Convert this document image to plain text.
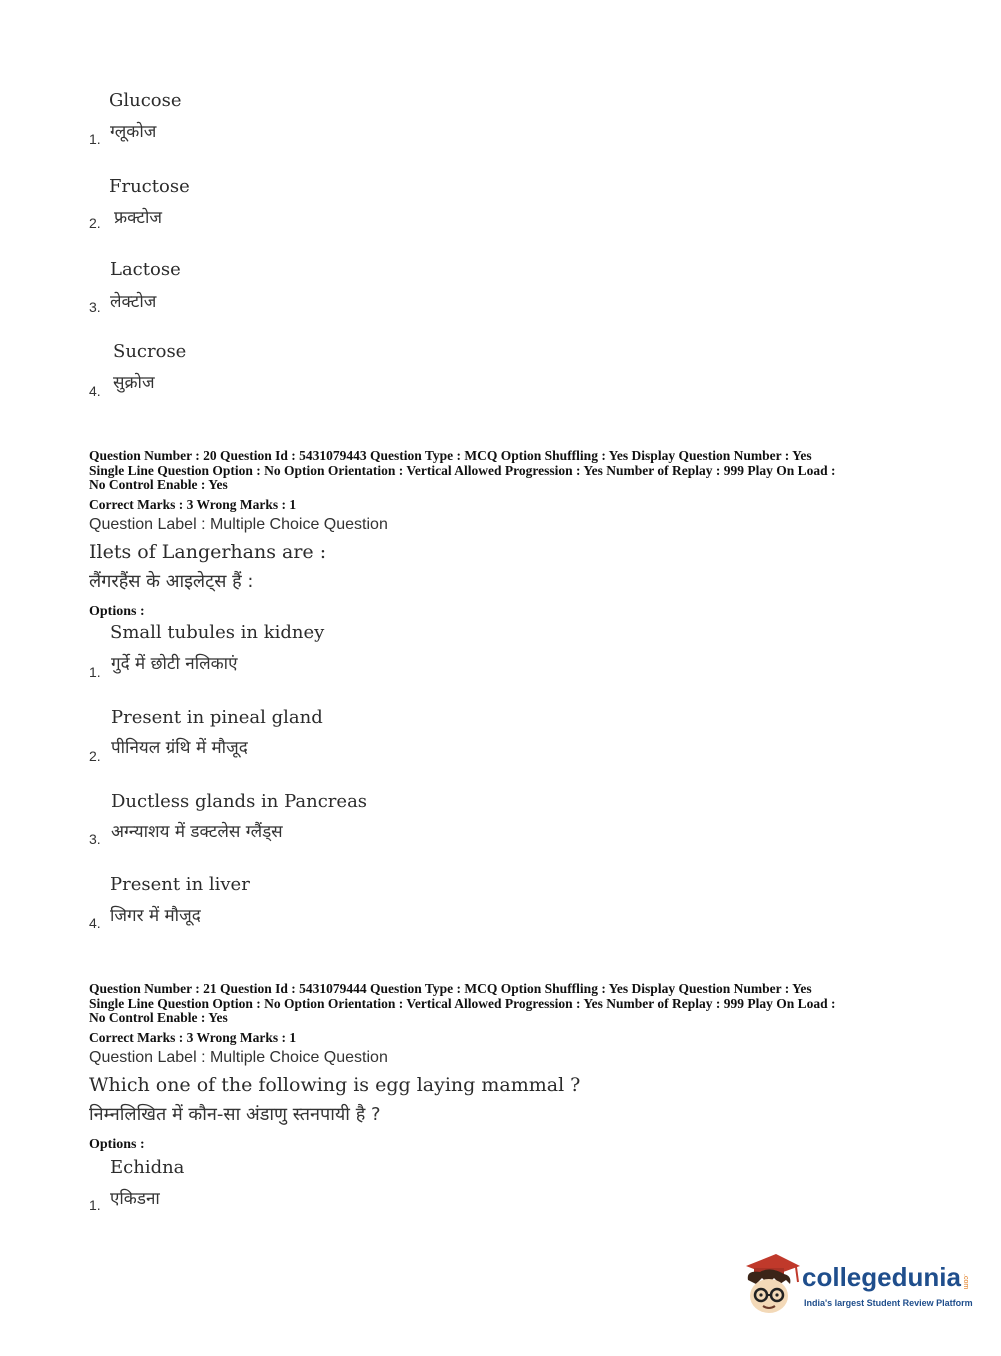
Glucose
ग्लूकोज
1.
Fructose
फ्रक्टोज
2.
Lactose
लेक्टोज
3.
Sucrose
सुक्रोज
4.
Question Number : 20 Question Id : 5431079443 Question Type : MCQ Option Shuffling : Yes Display Question Number : Yes
Single Line Question Option : No Option Orientation : Vertical Allowed Progression : Yes Number of Replay : 999 Play On Load :
No Control Enable : Yes
Correct Marks : 3 Wrong Marks : 1
Question Label : Multiple Choice Question
Ilets of Langerhans are :
लैंगरहैंस के आइलेट्स हैं :
Options :
Small tubules in kidney
गुर्दे में छोटी नलिकाएं
1.
Present in pineal gland
पीनियल ग्रंथि में मौजूद
2.
Ductless glands in Pancreas
अग्न्याशय में डक्टलेस ग्लैंड्स
3.
Present in liver
जिगर में मौजूद
4.
Question Number : 21 Question Id : 5431079444 Question Type : MCQ Option Shuffling : Yes Display Question Number : Yes
Single Line Question Option : No Option Orientation : Vertical Allowed Progression : Yes Number of Replay : 999 Play On Load :
No Control Enable : Yes
Correct Marks : 3 Wrong Marks : 1
Question Label : Multiple Choice Question
Which one of the following is egg laying mammal ?
निम्नलिखित में कौन-सा अंडाणु स्तनपायी है ?
Options :
Echidna
एकिडना
1.
collegedunia .com
India's largest Student Review Platform
